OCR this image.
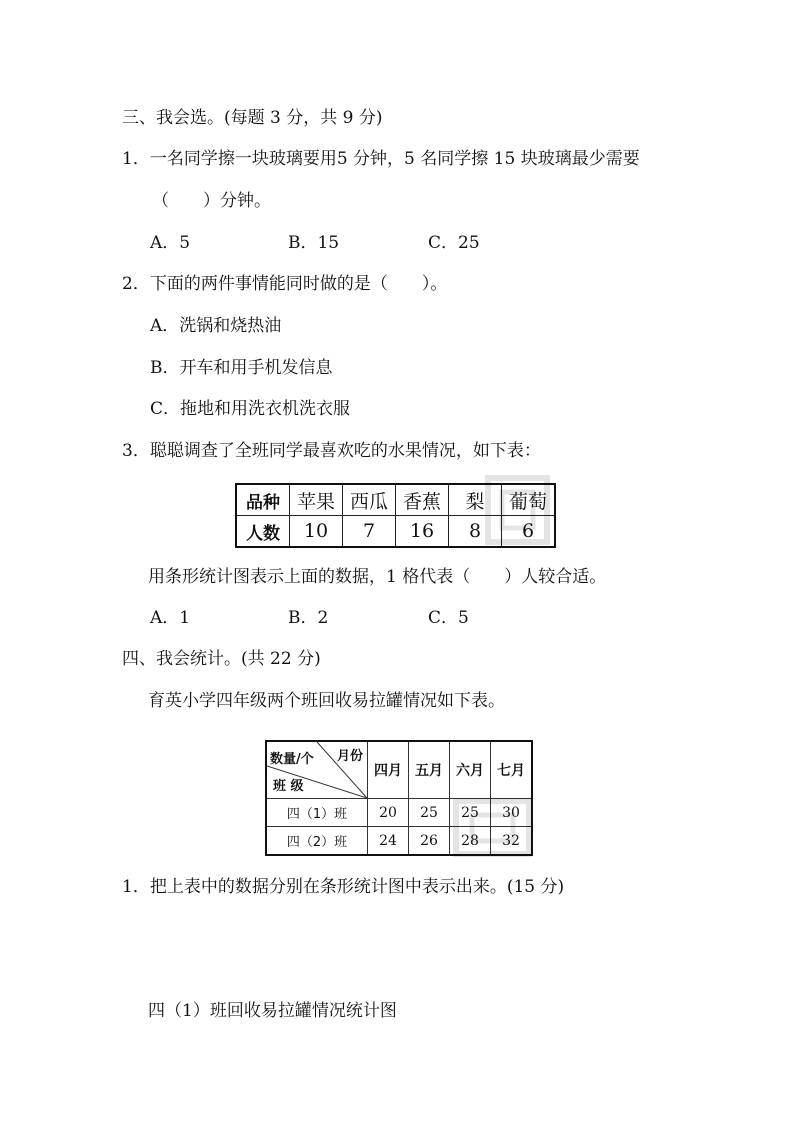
三、我会选。(每题 3 分，共 9 分)
1．一名同学擦一块玻璃要用5 分钟，5 名同学擦 15 块玻璃最少需要
（　　）分钟。
A．5	B．15	C．25
2．下面的两件事情能同时做的是（　　）。
A．洗锅和烧热油
B．开车和用手机发信息
C．拖地和用洗衣机洗衣服
3．聪聪调查了全班同学最喜欢吃的水果情况，如下表：
品种	苹果	西瓜	香蕉	梨	葡萄
人数	10	7	16	8	6
用条形统计图表示上面的数据，1 格代表（　　）人较合适。
A．1	B．2	C．5
四、我会统计。(共 22 分)
育英小学四年级两个班回收易拉罐情况如下表。
数量/个 月份
班 级	四月	五月	六月	七月
四（1）班	20	25	25	30
四（2）班	24	26	28	32
1．把上表中的数据分别在条形统计图中表示出来。(15 分)
四（1）班回收易拉罐情况统计图
